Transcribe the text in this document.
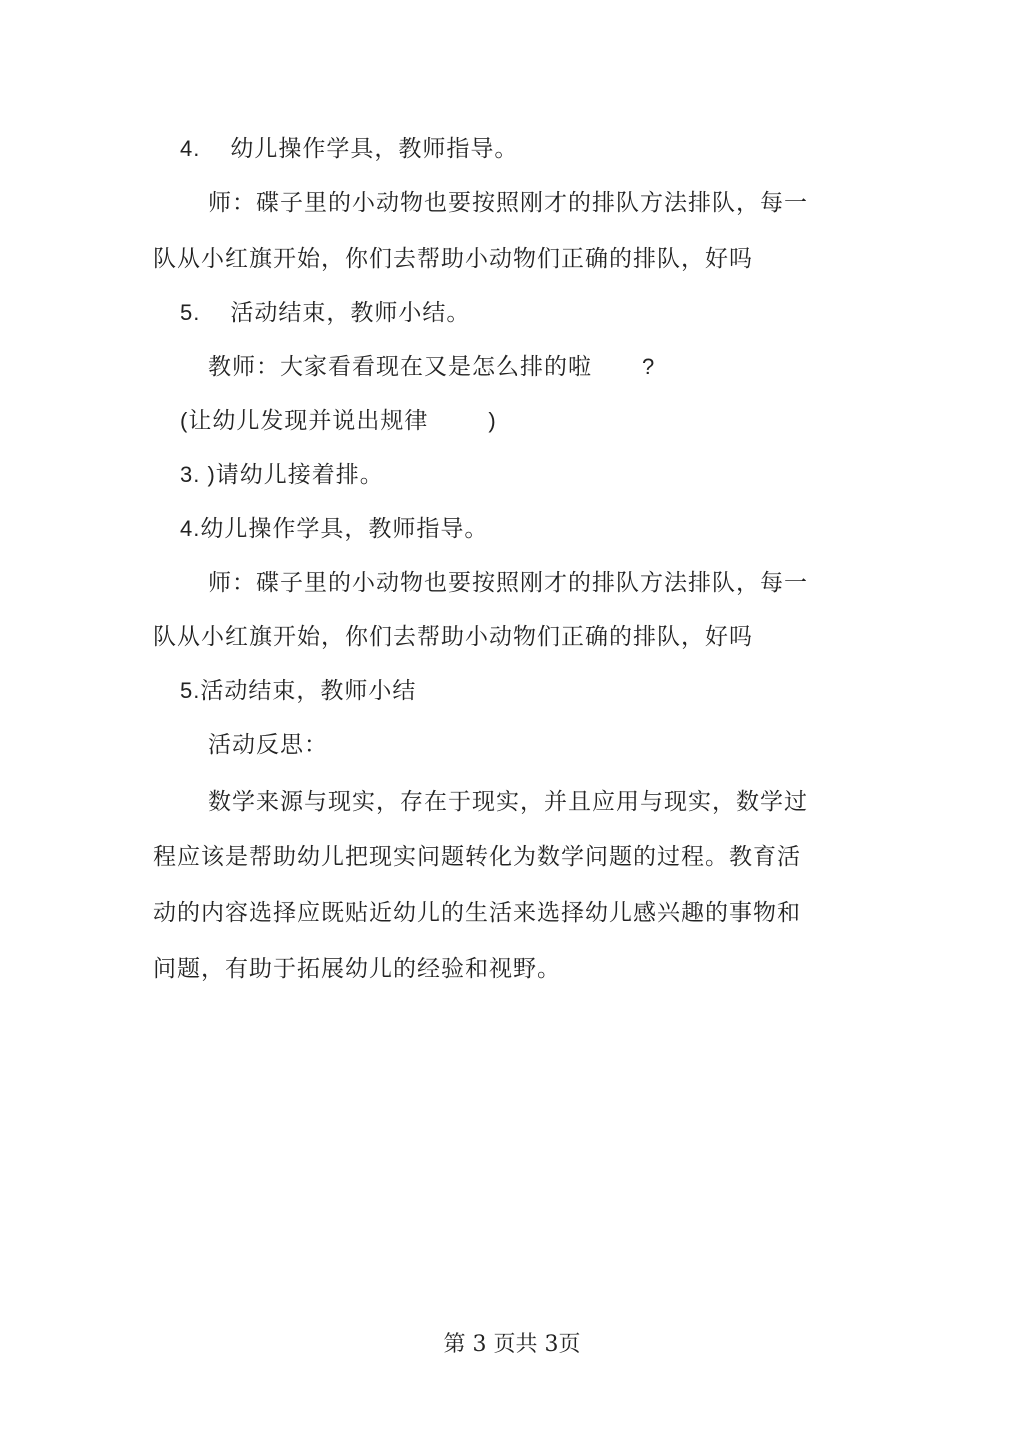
4. 幼儿操作学具，教师指导。
师：碟子里的小动物也要按照刚才的排队方法排队，每一
队从小红旗开始，你们去帮助小动物们正确的排队，好吗
5. 活动结束，教师小结。
教师：大家看看现在又是怎么排的啦 ?
(让幼儿发现并说出规律	)
3. )请幼儿接着排。
4.幼儿操作学具，教师指导。
师：碟子里的小动物也要按照刚才的排队方法排队，每一
队从小红旗开始，你们去帮助小动物们正确的排队，好吗
5.活动结束，教师小结
活动反思：
数学来源与现实，存在于现实，并且应用与现实，数学过
程应该是帮助幼儿把现实问题转化为数学问题的过程。教育活
动的内容选择应既贴近幼儿的生活来选择幼儿感兴趣的事物和
问题，有助于拓展幼儿的经验和视野。
第 3 页共 3页
